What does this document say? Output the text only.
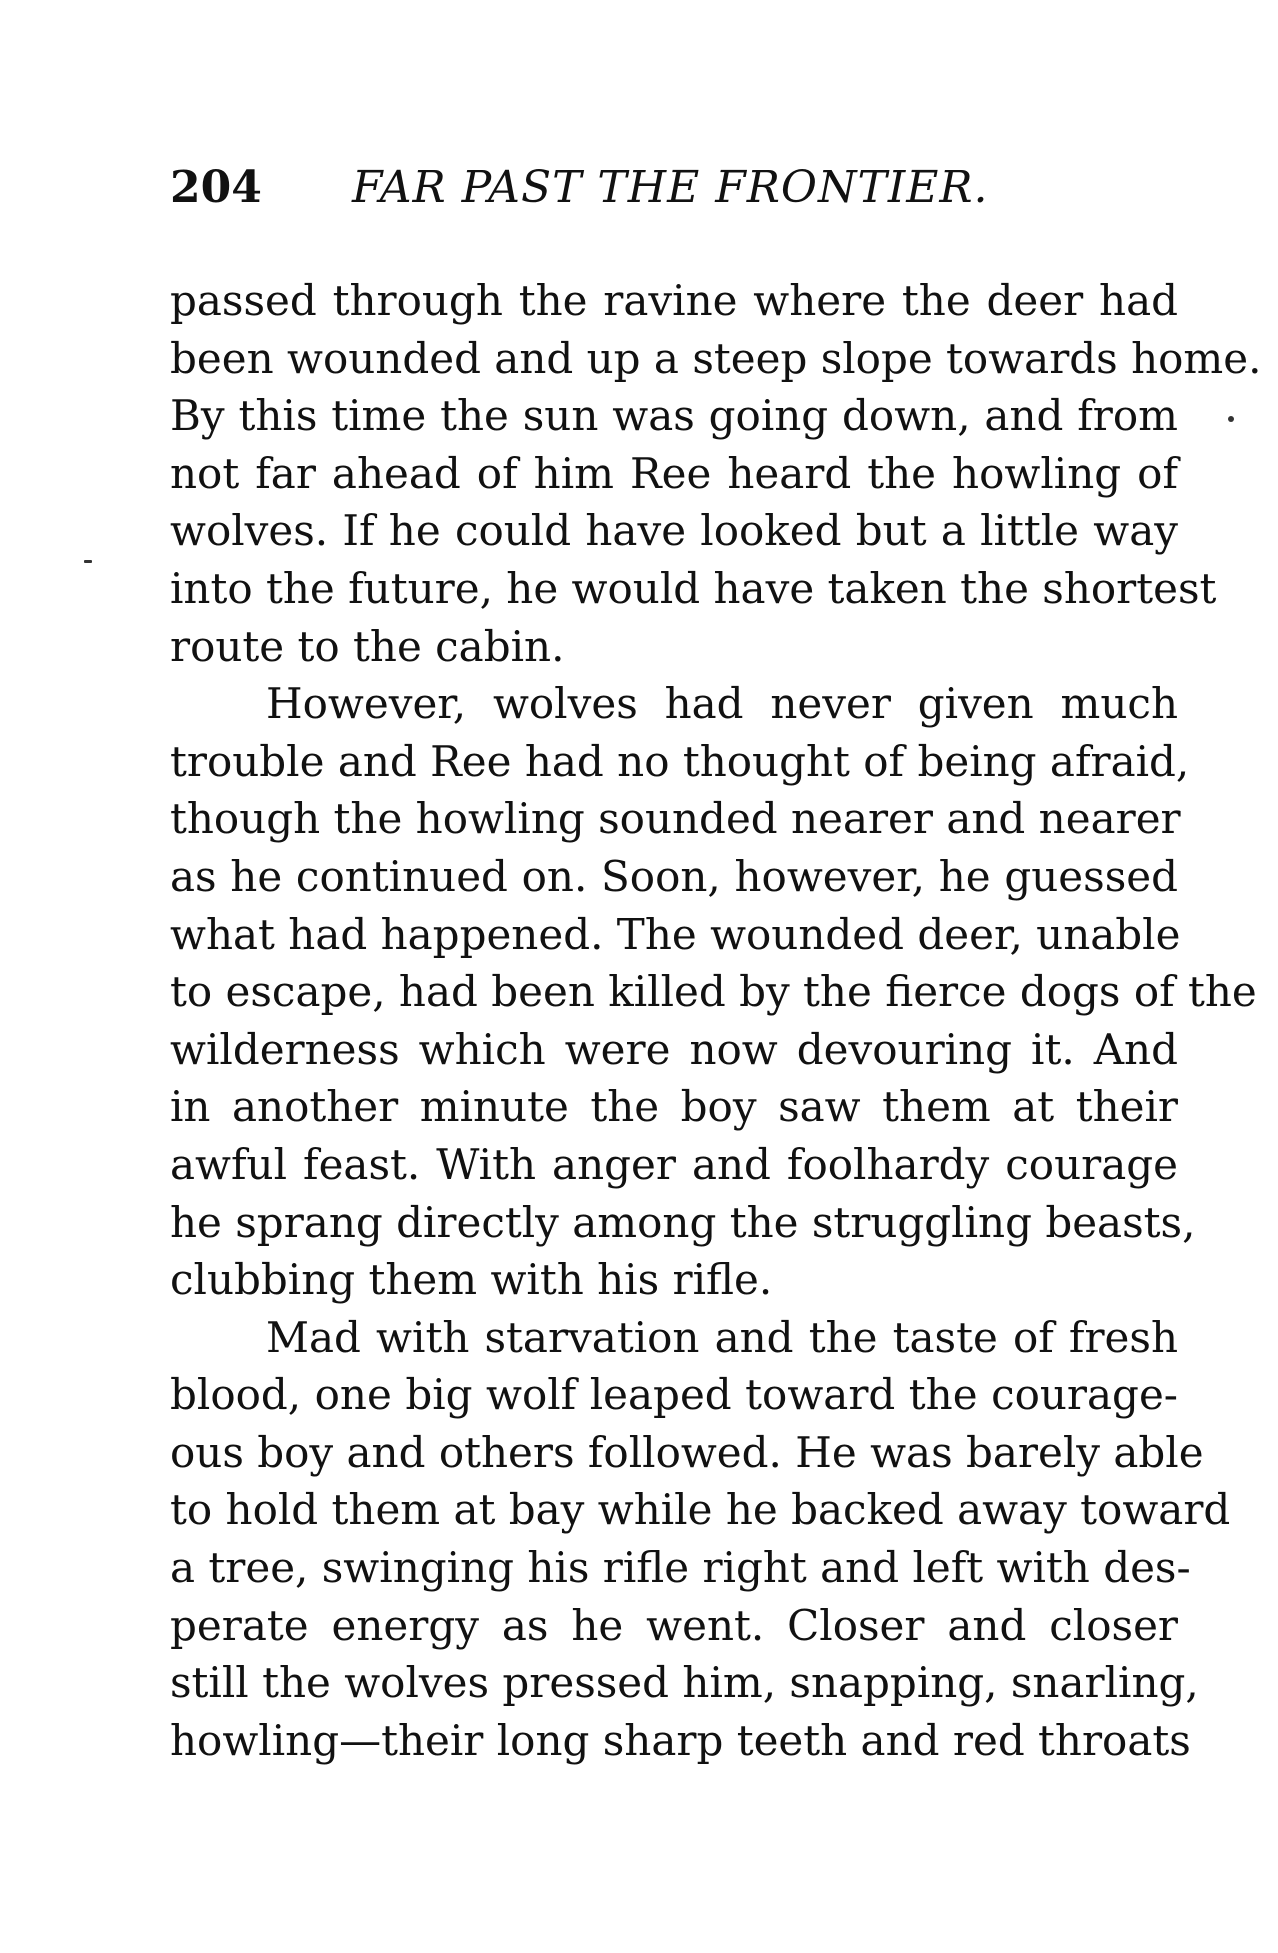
204 FAR PAST THE FRONTIER.
passed through the ravine where the deer had
been wounded and up a steep slope towards home.
By this time the sun was going down, and from
not far ahead of him Ree heard the howling of
wolves. If he could have looked but a little way
into the future, he would have taken the shortest
route to the cabin.
However, wolves had never given much
trouble and Ree had no thought of being afraid,
though the howling sounded nearer and nearer
as he continued on. Soon, however, he guessed
what had happened. The wounded deer, unable
to escape, had been killed by the fierce dogs of the
wilderness which were now devouring it. And
in another minute the boy saw them at their
awful feast. With anger and foolhardy courage
he sprang directly among the struggling beasts,
clubbing them with his rifle.
Mad with starvation and the taste of fresh
blood, one big wolf leaped toward the courage-
ous boy and others followed. He was barely able
to hold them at bay while he backed away toward
a tree, swinging his rifle right and left with des-
perate energy as he went. Closer and closer
still the wolves pressed him, snapping, snarling,
howling—their long sharp teeth and red throats
